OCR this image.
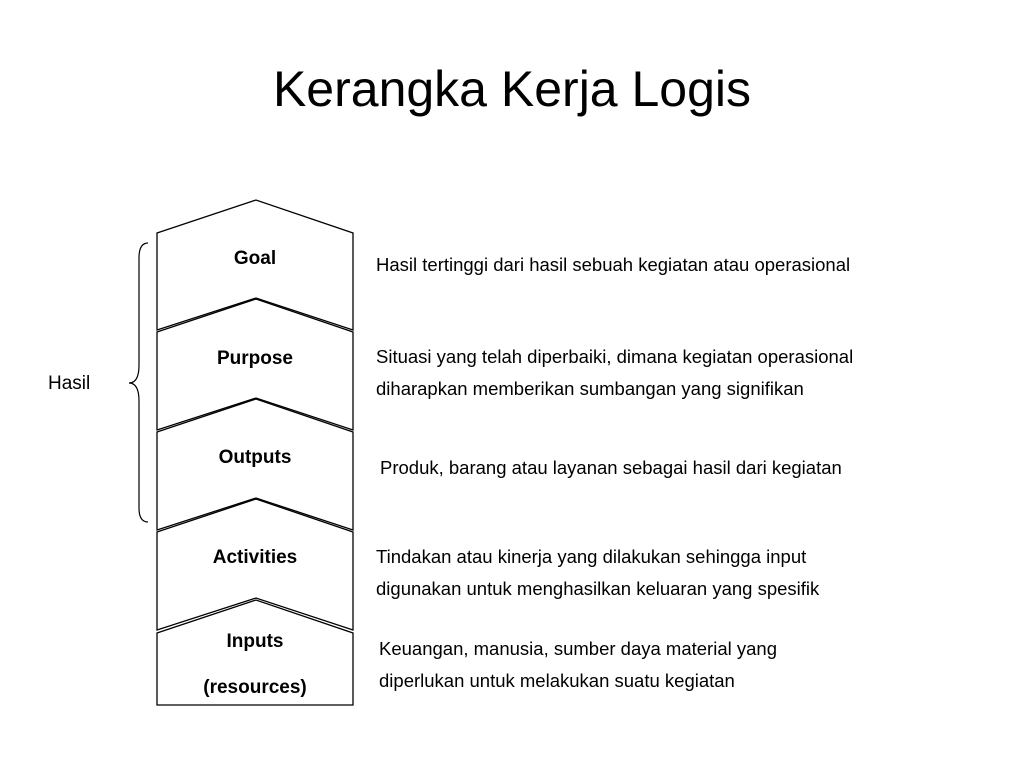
Kerangka Kerja Logis
Goal
Purpose
Outputs
Activities
Inputs
(resources)
Hasil
Hasil tertinggi dari hasil sebuah kegiatan atau operasional
Situasi yang telah diperbaiki, dimana kegiatan operasional
diharapkan memberikan sumbangan yang signifikan
Produk, barang atau layanan sebagai hasil dari kegiatan
Tindakan atau kinerja yang dilakukan sehingga input
digunakan untuk menghasilkan keluaran yang spesifik
Keuangan, manusia, sumber daya material yang
diperlukan untuk melakukan suatu kegiatan
